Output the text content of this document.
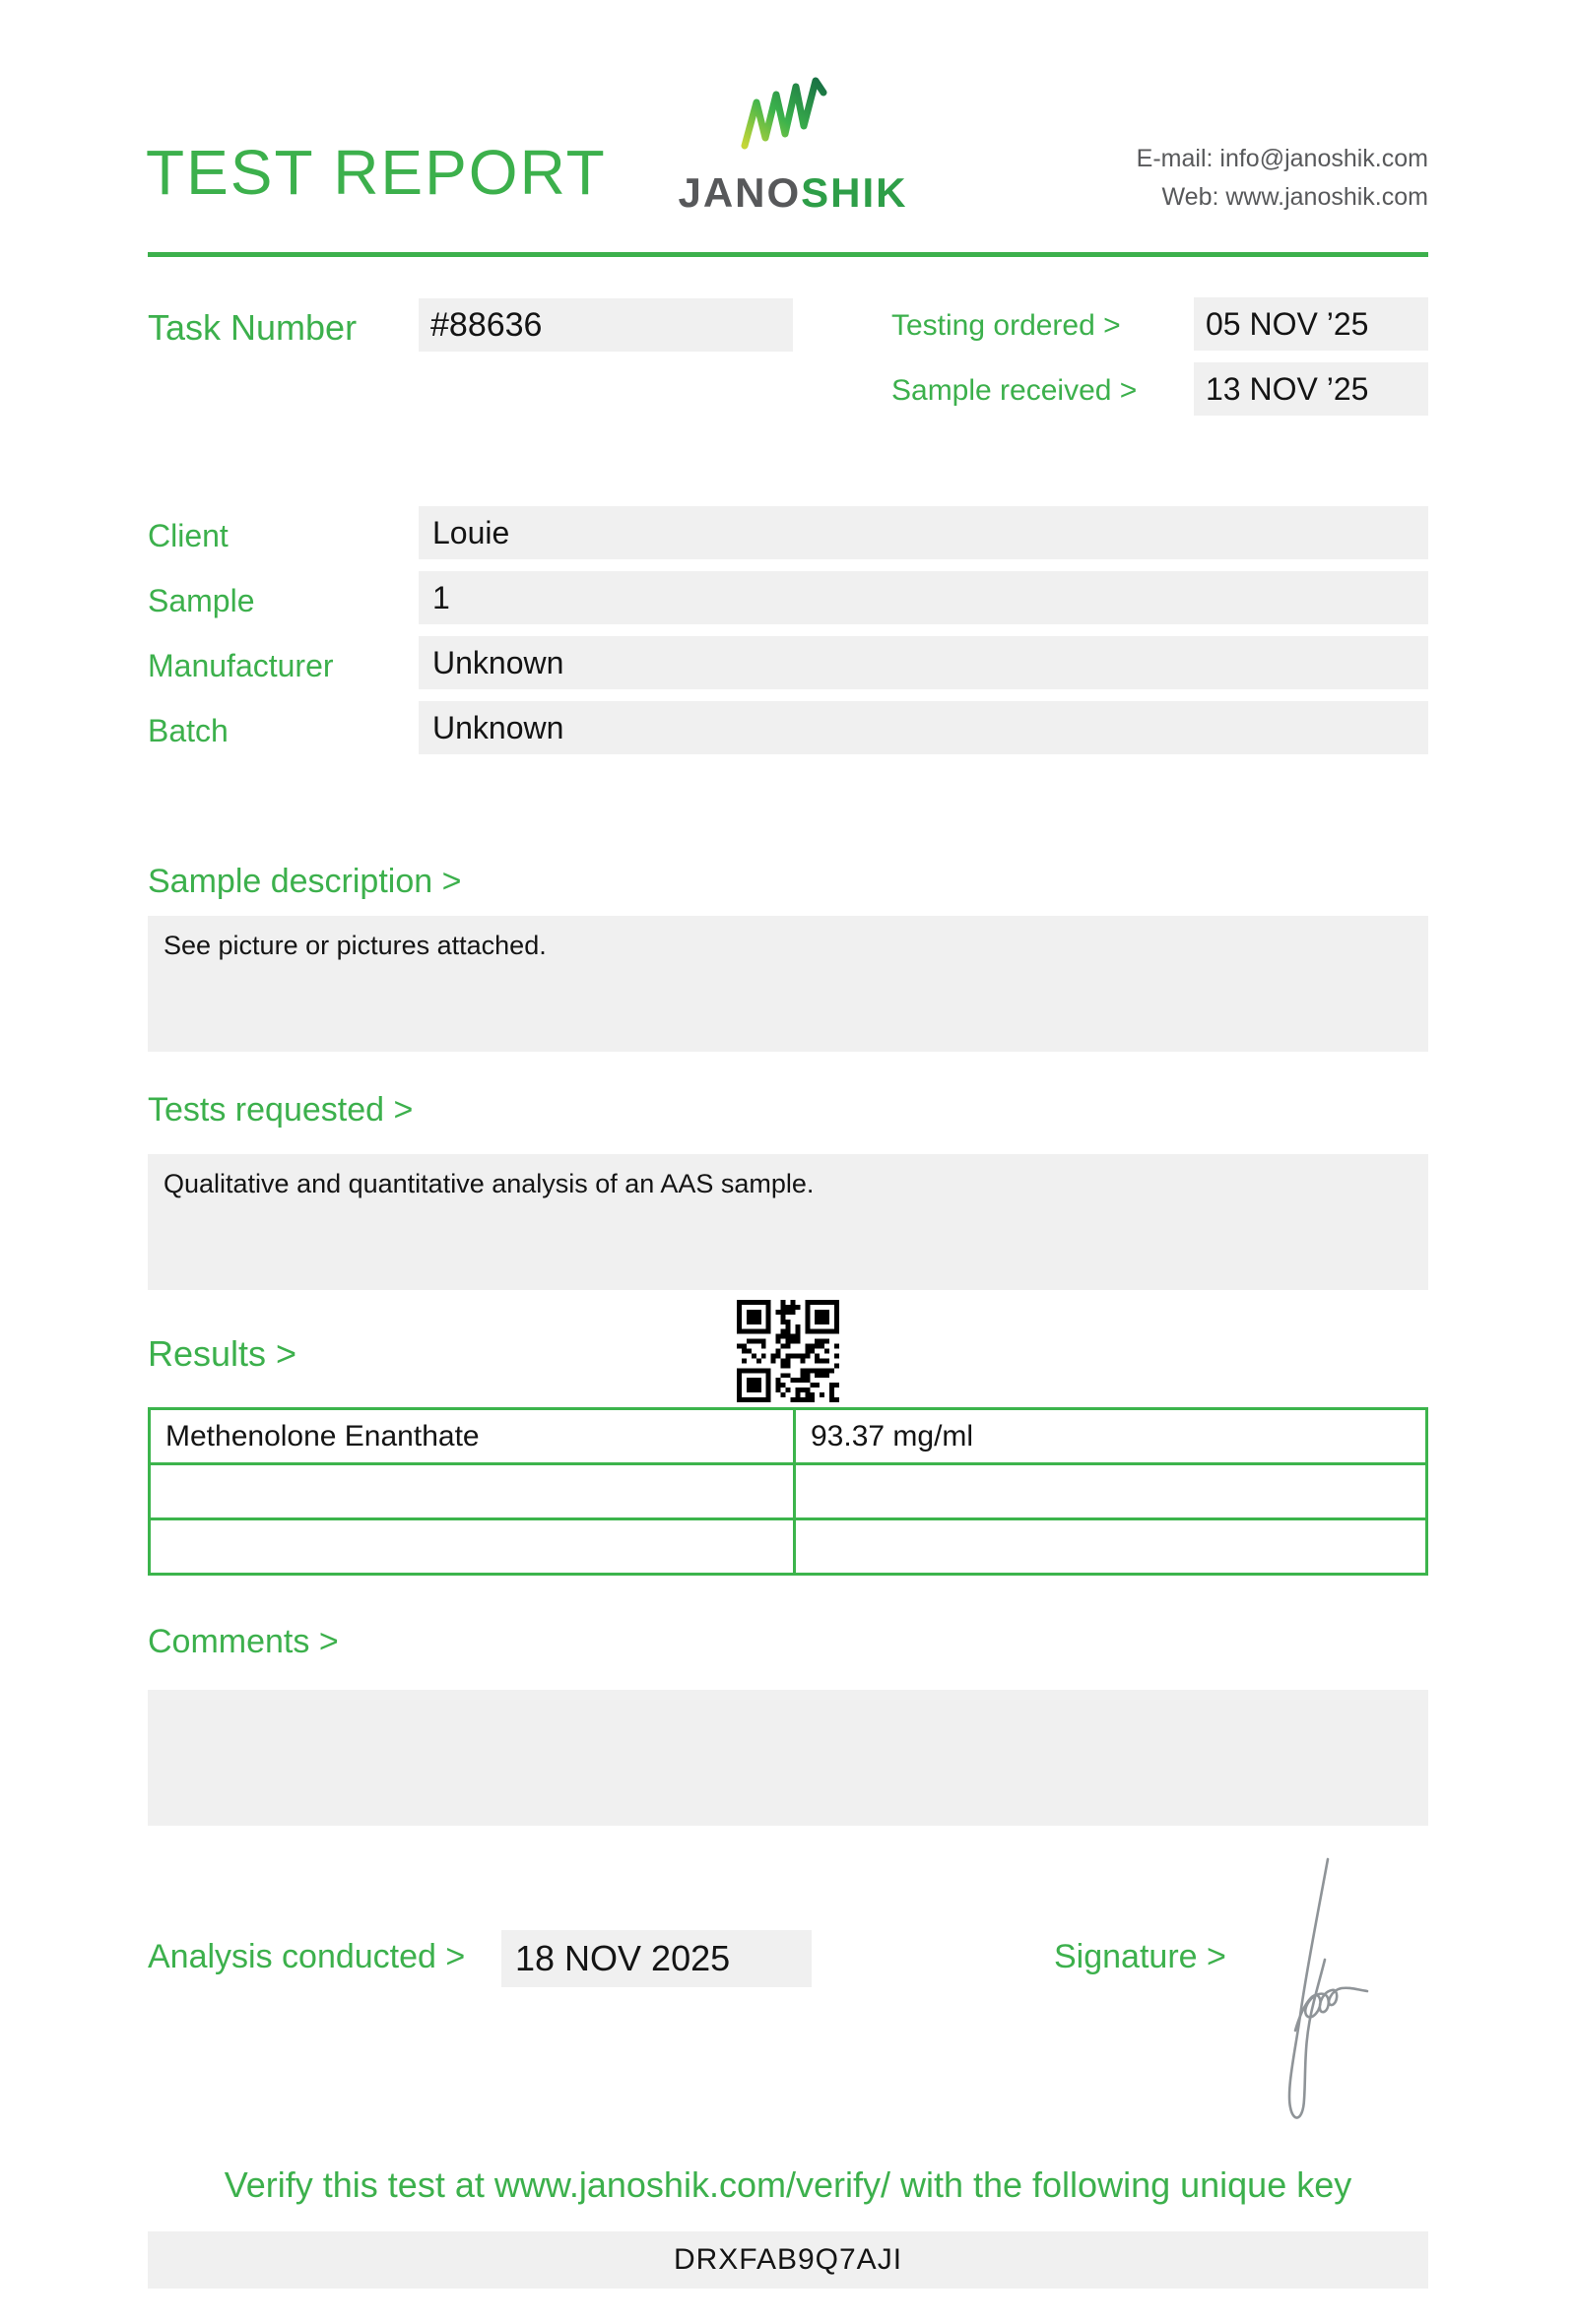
TEST REPORT JANOSHIK
E-mail: info@janoshik.com
Web: www.janoshik.com
Task Number	#88636	Testing ordered >	05 NOV ’25
Sample received >	13 NOV ’25
Client	Louie
Sample	1
Manufacturer	Unknown
Batch	Unknown
Sample description >
See picture or pictures attached.
Tests requested >
Qualitative and quantitative analysis of an AAS sample.
Results >
Methenolone Enanthate	93.37 mg/ml

Comments >
Analysis conducted >	18 NOV 2025	Signature >
Verify this test at www.janoshik.com/verify/ with the following unique key
DRXFAB9Q7AJI
